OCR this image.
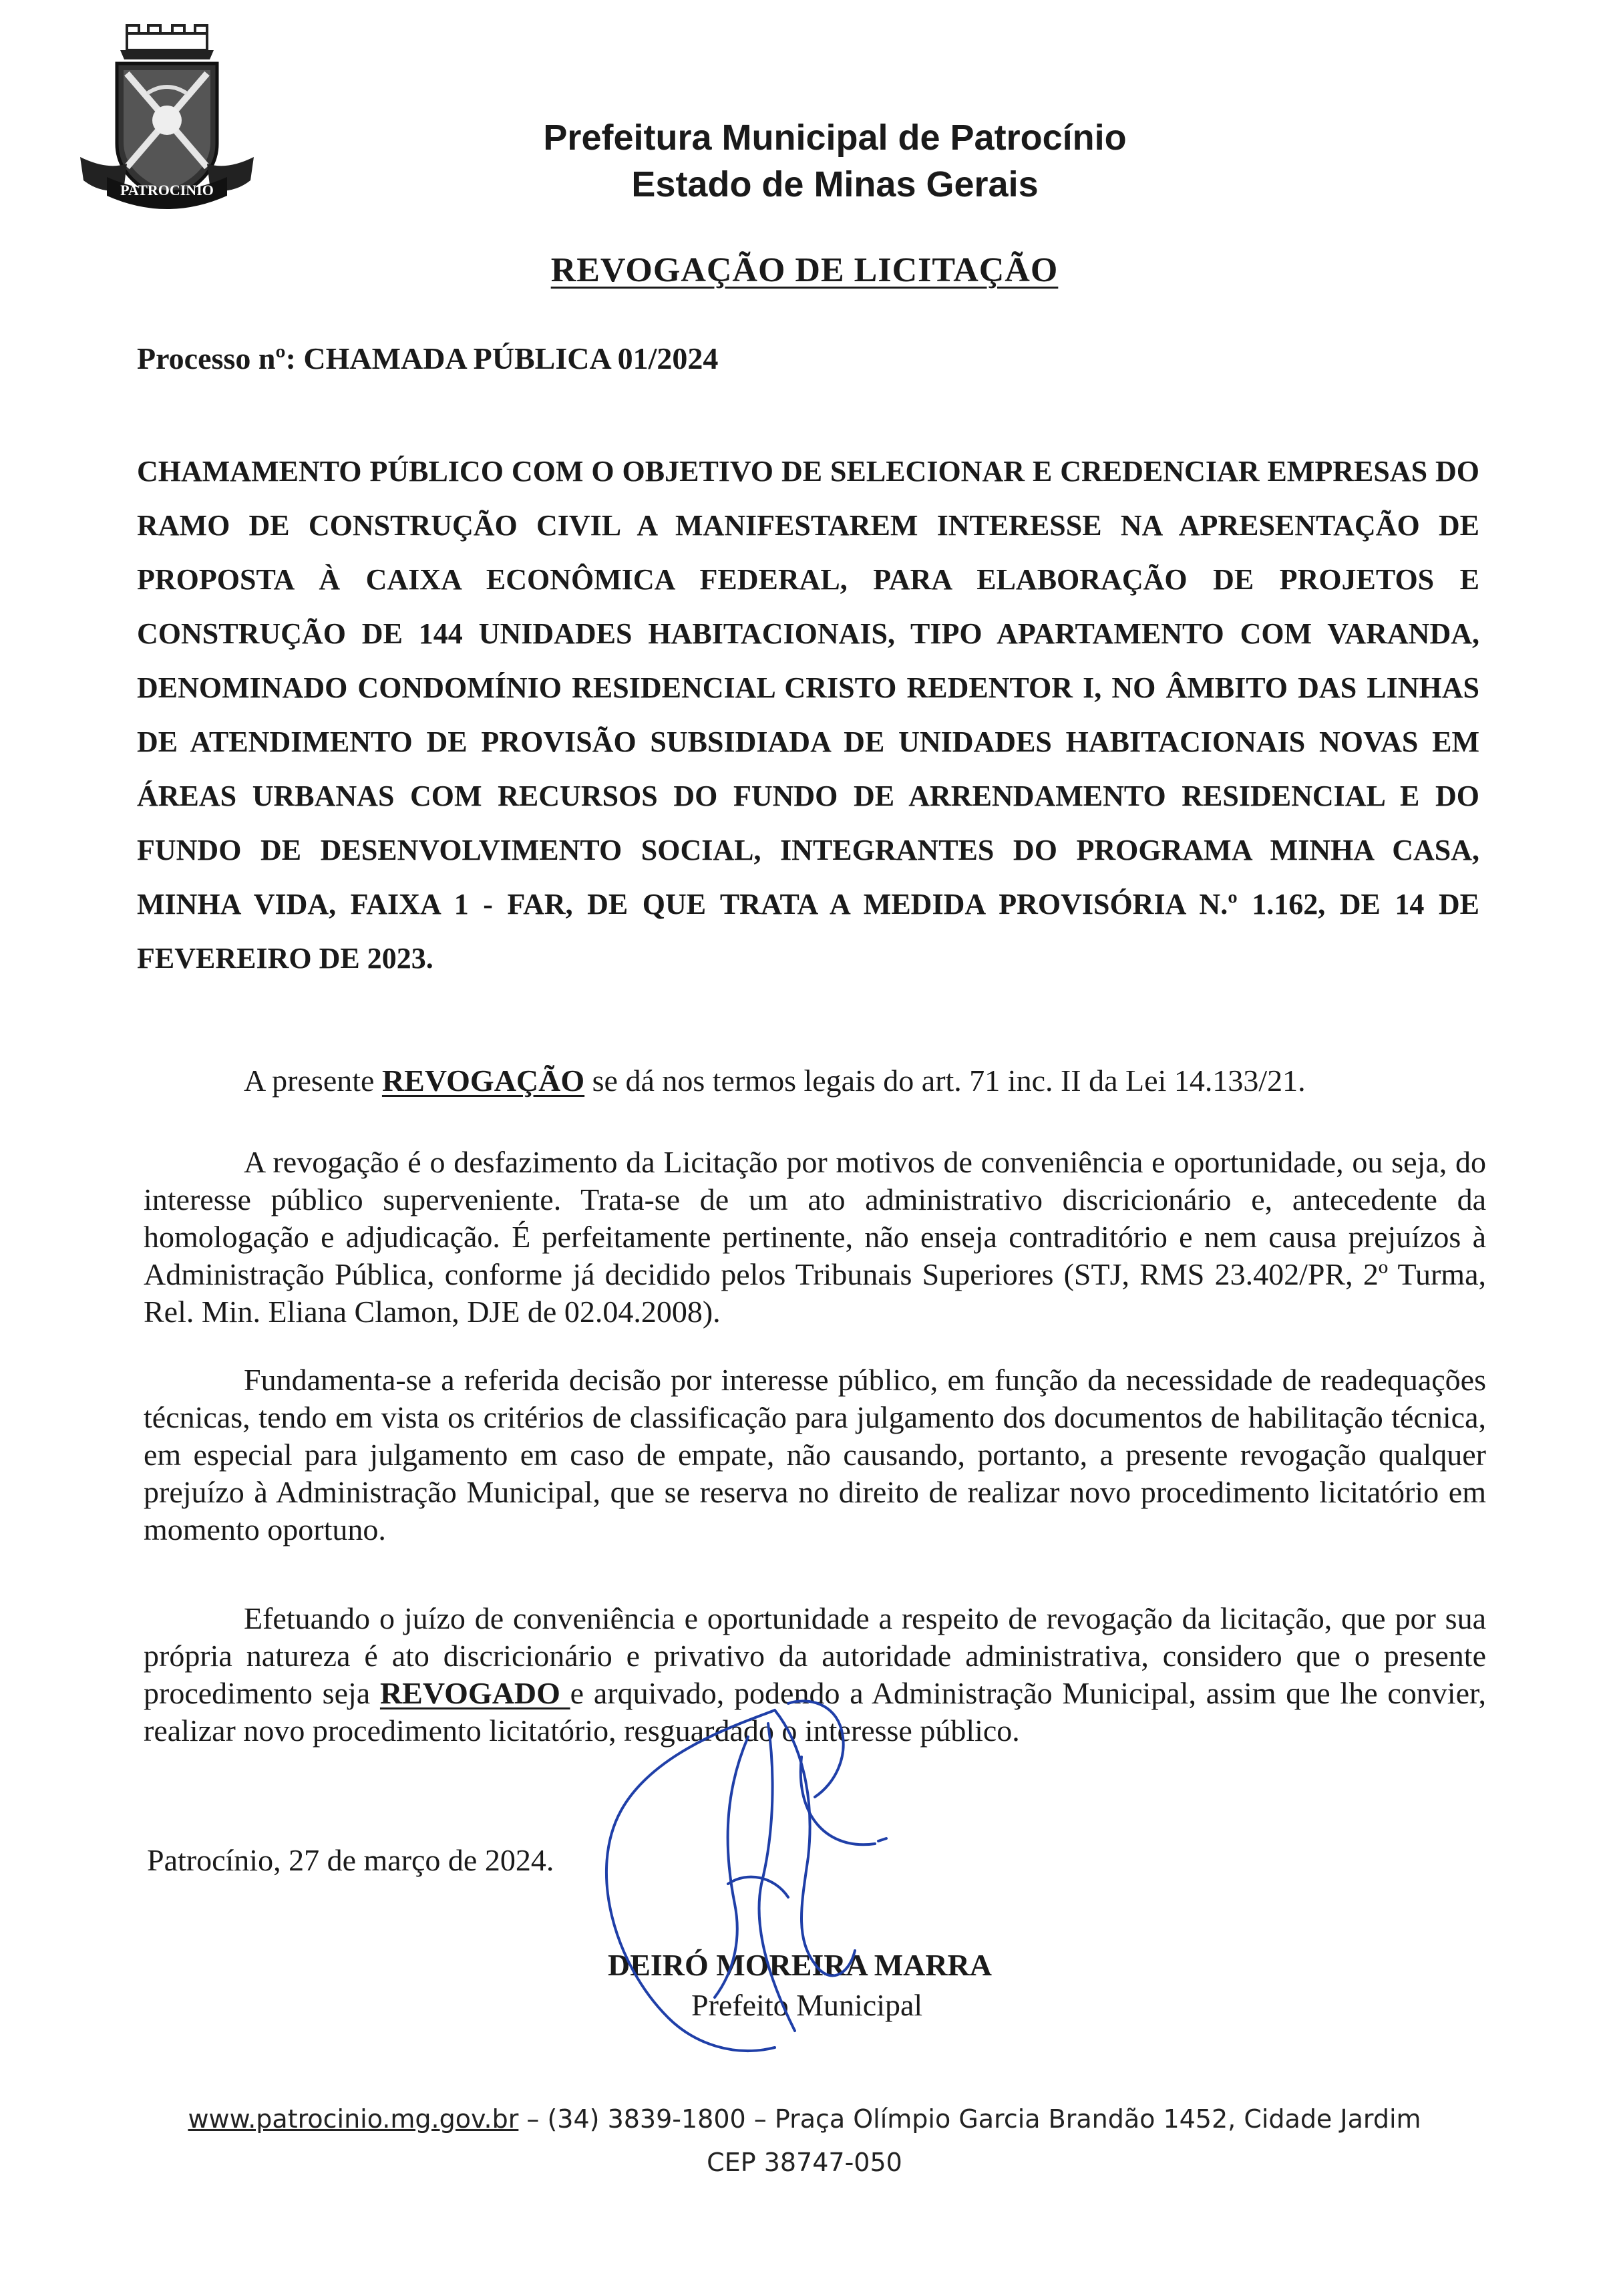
PATROCINIO
Prefeitura Municipal de Patrocínio
Estado de Minas Gerais
REVOGAÇÃO DE LICITAÇÃO
Processo nº: CHAMADA PÚBLICA 01/2024
CHAMAMENTO PÚBLICO COM O OBJETIVO DE SELECIONAR E CREDENCIAR EMPRESAS DO RAMO DE CONSTRUÇÃO CIVIL A MANIFESTAREM INTERESSE NA APRESENTAÇÃO DE PROPOSTA À CAIXA ECONÔMICA FEDERAL, PARA ELABORAÇÃO DE PROJETOS E CONSTRUÇÃO DE 144 UNIDADES HABITACIONAIS, TIPO APARTAMENTO COM VARANDA, DENOMINADO CONDOMÍNIO RESIDENCIAL CRISTO REDENTOR I, NO ÂMBITO DAS LINHAS DE ATENDIMENTO DE PROVISÃO SUBSIDIADA DE UNIDADES HABITACIONAIS NOVAS EM ÁREAS URBANAS COM RECURSOS DO FUNDO DE ARRENDAMENTO RESIDENCIAL E DO FUNDO DE DESENVOLVIMENTO SOCIAL, INTEGRANTES DO PROGRAMA MINHA CASA, MINHA VIDA, FAIXA 1 - FAR, DE QUE TRATA A MEDIDA PROVISÓRIA N.º 1.162, DE 14 DE FEVEREIRO DE 2023.
A presente REVOGAÇÃO se dá nos termos legais do art. 71 inc. II da Lei 14.133/21.
A revogação é o desfazimento da Licitação por motivos de conveniência e oportunidade, ou seja, do interesse público superveniente. Trata-se de um ato administrativo discricionário e, antecedente da homologação e adjudicação. É perfeitamente pertinente, não enseja contraditório e nem causa prejuízos à Administração Pública, conforme já decidido pelos Tribunais Superiores (STJ, RMS 23.402/PR, 2º Turma, Rel. Min. Eliana Clamon, DJE de 02.04.2008).
Fundamenta-se a referida decisão por interesse público, em função da necessidade de readequações técnicas, tendo em vista os critérios de classificação para julgamento dos documentos de habilitação técnica, em especial para julgamento em caso de empate, não causando, portanto, a presente revogação qualquer prejuízo à Administração Municipal, que se reserva no direito de realizar novo procedimento licitatório em momento oportuno.
Efetuando o juízo de conveniência e oportunidade a respeito de revogação da licitação, que por sua própria natureza é ato discricionário e privativo da autoridade administrativa, considero que o presente procedimento seja REVOGADO e arquivado, podendo a Administração Municipal, assim que lhe convier, realizar novo procedimento licitatório, resguardado o interesse público.
Patrocínio, 27 de março de 2024.
DEIRÓ MOREIRA MARRA
Prefeito Municipal
www.patrocinio.mg.gov.br – (34) 3839-1800 – Praça Olímpio Garcia Brandão 1452, Cidade Jardim
CEP 38747-050
